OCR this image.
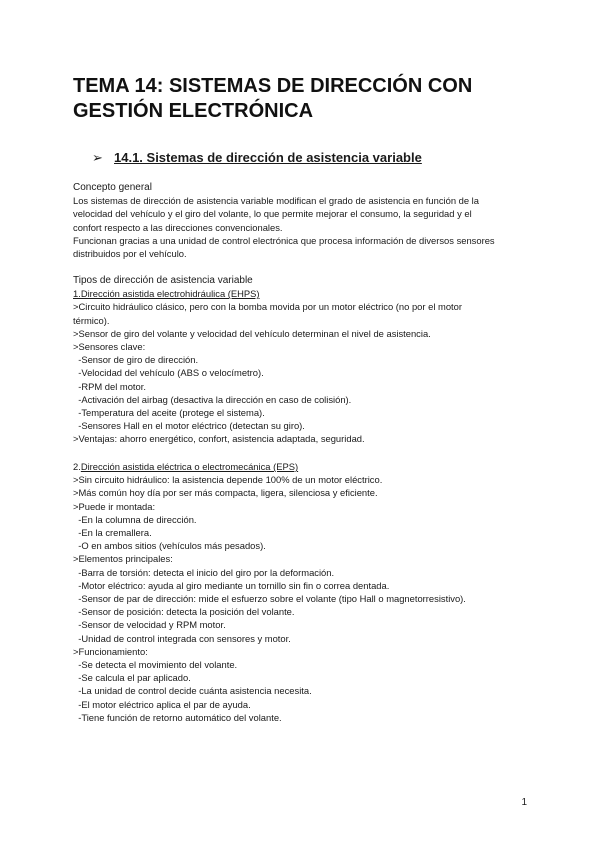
TEMA 14: SISTEMAS DE DIRECCIÓN CON GESTIÓN ELECTRÓNICA
➢ 14.1. Sistemas de dirección de asistencia variable

Concepto general

Los sistemas de dirección de asistencia variable modifican el grado de asistencia en función de la

velocidad del vehículo y el giro del volante, lo que permite mejorar el consumo, la seguridad y el

confort respecto a las direcciones convencionales.

Funcionan gracias a una unidad de control electrónica que procesa información de diversos sensores

distribuidos por el vehículo.

Tipos de dirección de asistencia variable

1.Dirección asistida electrohidráulica (EHPS)

>Circuito hidráulico clásico, pero con la bomba movida por un motor eléctrico (no por el motor

térmico).

>Sensor de giro del volante y velocidad del vehículo determinan el nivel de asistencia.

>Sensores clave:

-Sensor de giro de dirección.

-Velocidad del vehículo (ABS o velocímetro).

-RPM del motor.

-Activación del airbag (desactiva la dirección en caso de colisión).

-Temperatura del aceite (protege el sistema).

-Sensores Hall en el motor eléctrico (detectan su giro).

>Ventajas: ahorro energético, confort, asistencia adaptada, seguridad.

2.Dirección asistida eléctrica o electromecánica (EPS)

>Sin circuito hidráulico: la asistencia depende 100% de un motor eléctrico.

>Más común hoy día por ser más compacta, ligera, silenciosa y eficiente.

>Puede ir montada:

-En la columna de dirección.

-En la cremallera.

-O en ambos sitios (vehículos más pesados).

>Elementos principales:

-Barra de torsión: detecta el inicio del giro por la deformación.

-Motor eléctrico: ayuda al giro mediante un tornillo sin fin o correa dentada.

-Sensor de par de dirección: mide el esfuerzo sobre el volante (tipo Hall o magnetorresistivo).

-Sensor de posición: detecta la posición del volante.

-Sensor de velocidad y RPM motor.

-Unidad de control integrada con sensores y motor.

>Funcionamiento:

-Se detecta el movimiento del volante.

-Se calcula el par aplicado.

-La unidad de control decide cuánta asistencia necesita.

-El motor eléctrico aplica el par de ayuda.

-Tiene función de retorno automático del volante.

1
